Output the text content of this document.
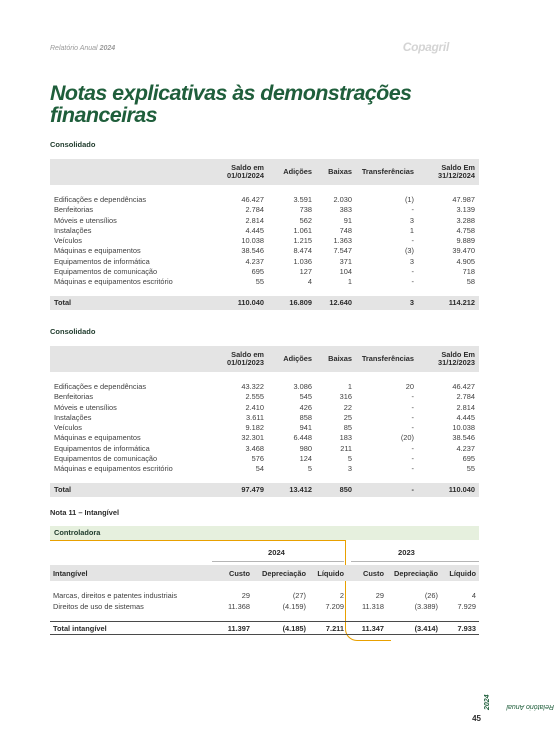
Relatório Anual 2024	Copagril
Notas explicativas às demonstrações financeiras
Consolidado
	Saldo em 01/01/2024	Adições	Baixas	Transferências	Saldo Em 31/12/2024

Edificações e dependências	46.427	3.591	2.030	(1)	47.987
Benfeitorias	2.784	738	383	-	3.139
Móveis e utensílios	2.814	562	91	3	3.288
Instalações	4.445	1.061	748	1	4.758
Veículos	10.038	1.215	1.363	-	9.889
Máquinas e equipamentos	38.546	8.474	7.547	(3)	39.470
Equipamentos de informática	4.237	1.036	371	3	4.905
Equipamentos de comunicação	695	127	104	-	718
Máquinas e equipamentos escritório	55	4	1	-	58

Total	110.040	16.809	12.640	3	114.212
Consolidado
	Saldo em 01/01/2023	Adições	Baixas	Transferências	Saldo Em 31/12/2023

Edificações e dependências	43.322	3.086	1	20	46.427
Benfeitorias	2.555	545	316	-	2.784
Móveis e utensílios	2.410	426	22	-	2.814
Instalações	3.611	858	25	-	4.445
Veículos	9.182	941	85	-	10.038
Máquinas e equipamentos	32.301	6.448	183	(20)	38.546
Equipamentos de informática	3.468	980	211	-	4.237
Equipamentos de comunicação	576	124	5	-	695
Máquinas e equipamentos escritório	54	5	3	-	55

Total	97.479	13.412	850	-	110.040
Nota 11 – Intangível
Controladora
2024	2023
Intangível	Custo	Depreciação	Líquido	Custo	Depreciação	Líquido

Marcas, direitos e patentes industriais	29	(27)	2	29	(26)	4
Direitos de uso de sistemas	11.368	(4.159)	7.209	11.318	(3.389)	7.929

Total intangível	11.397	(4.185)	7.211	11.347	(3.414)	7.933
Relatório Anual
2024
45
